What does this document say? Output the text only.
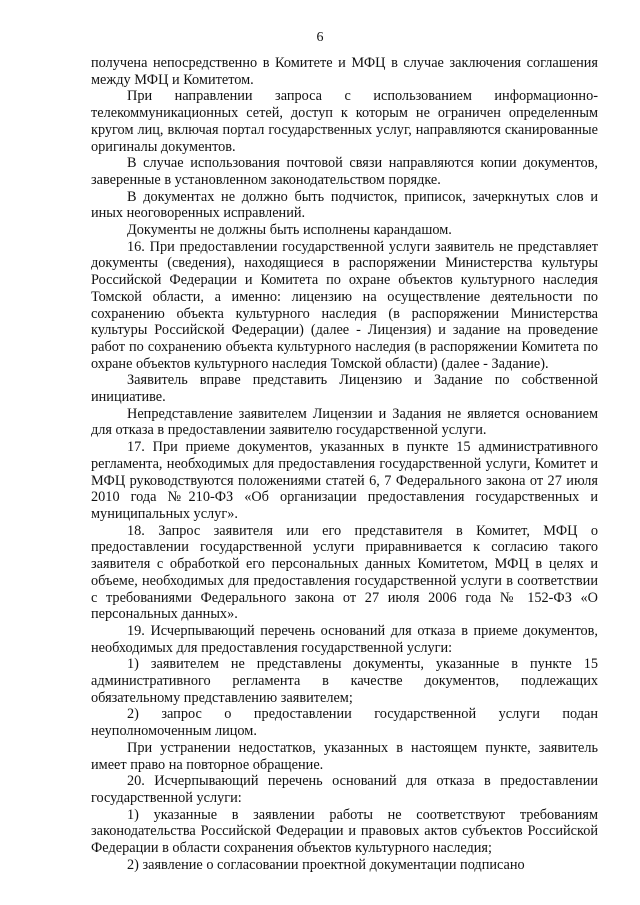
6

получена непосредственно в Комитете и МФЦ в случае заключения соглашения между МФЦ и Комитетом.

При направлении запроса с использованием информационно-телекоммуникационных сетей, доступ к которым не ограничен определенным кругом лиц, включая портал государственных услуг, направляются сканированные оригиналы документов.

В случае использования почтовой связи направляются копии документов, заверенные в установленном законодательством порядке.

В документах не должно быть подчисток, приписок, зачеркнутых слов и иных неоговоренных исправлений.

Документы не должны быть исполнены карандашом.

16. При предоставлении государственной услуги заявитель не представляет документы (сведения), находящиеся в распоряжении Министерства культуры Российской Федерации и Комитета по охране объектов культурного наследия Томской области, а именно: лицензию на осуществление деятельности по сохранению объекта культурного наследия (в распоряжении Министерства культуры Российской Федерации) (далее - Лицензия) и задание на проведение работ по сохранению объекта культурного наследия (в распоряжении Комитета по охране объектов культурного наследия Томской области) (далее - Задание).

Заявитель вправе представить Лицензию и Задание по собственной инициативе.

Непредставление заявителем Лицензии и Задания не является основанием для отказа в предоставлении заявителю государственной услуги.

17. При приеме документов, указанных в пункте 15 административного регламента, необходимых для предоставления государственной услуги, Комитет и МФЦ руководствуются положениями статей 6, 7 Федерального закона от 27 июля 2010 года №210-ФЗ «Об организации предоставления государственных и муниципальных услуг».

18. Запрос заявителя или его представителя в Комитет, МФЦ о предоставлении государственной услуги приравнивается к согласию такого заявителя с обработкой его персональных данных Комитетом, МФЦ в целях и объеме, необходимых для предоставления государственной услуги в соответствии с требованиями Федерального закона от 27 июля 2006 года № 152-ФЗ «О персональных данных».

19. Исчерпывающий перечень оснований для отказа в приеме документов, необходимых для предоставления государственной услуги:

1) заявителем не представлены документы, указанные в пункте 15 административного регламента в качестве документов, подлежащих обязательному представлению заявителем;

2) запрос о предоставлении государственной услуги подан неуполномоченным лицом.

При устранении недостатков, указанных в настоящем пункте, заявитель имеет право на повторное обращение.

20. Исчерпывающий перечень оснований для отказа в предоставлении государственной услуги:

1) указанные в заявлении работы не соответствуют требованиям законодательства Российской Федерации и правовых актов субъектов Российской Федерации в области сохранения объектов культурного наследия;

2) заявление о согласовании проектной документации подписано
